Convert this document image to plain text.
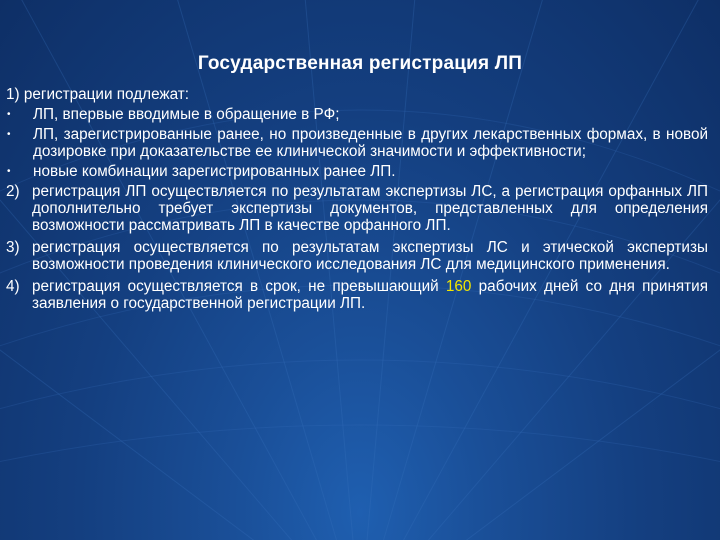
Государственная регистрация ЛП
1) регистрации подлежат:
•	ЛП, впервые вводимые в обращение в РФ;
•	ЛП, зарегистрированные ранее, но произведенные в других лекарственных формах, в новой дозировке при доказательстве ее клинической значимости и эффективности;
•	новые комбинации зарегистрированных ранее ЛП.
2) регистрация ЛП осуществляется по результатам экспертизы ЛС, а регистрация орфанных ЛП дополнительно требует экспертизы документов, представленных для определения возможности рассматривать ЛП в качестве орфанного ЛП.
3) регистрация осуществляется по результатам экспертизы ЛС и этической экспертизы возможности проведения клинического исследования ЛС для медицинского применения.
4) регистрация осуществляется в срок, не превышающий 160 рабочих дней со дня принятия заявления о государственной регистрации ЛП.
